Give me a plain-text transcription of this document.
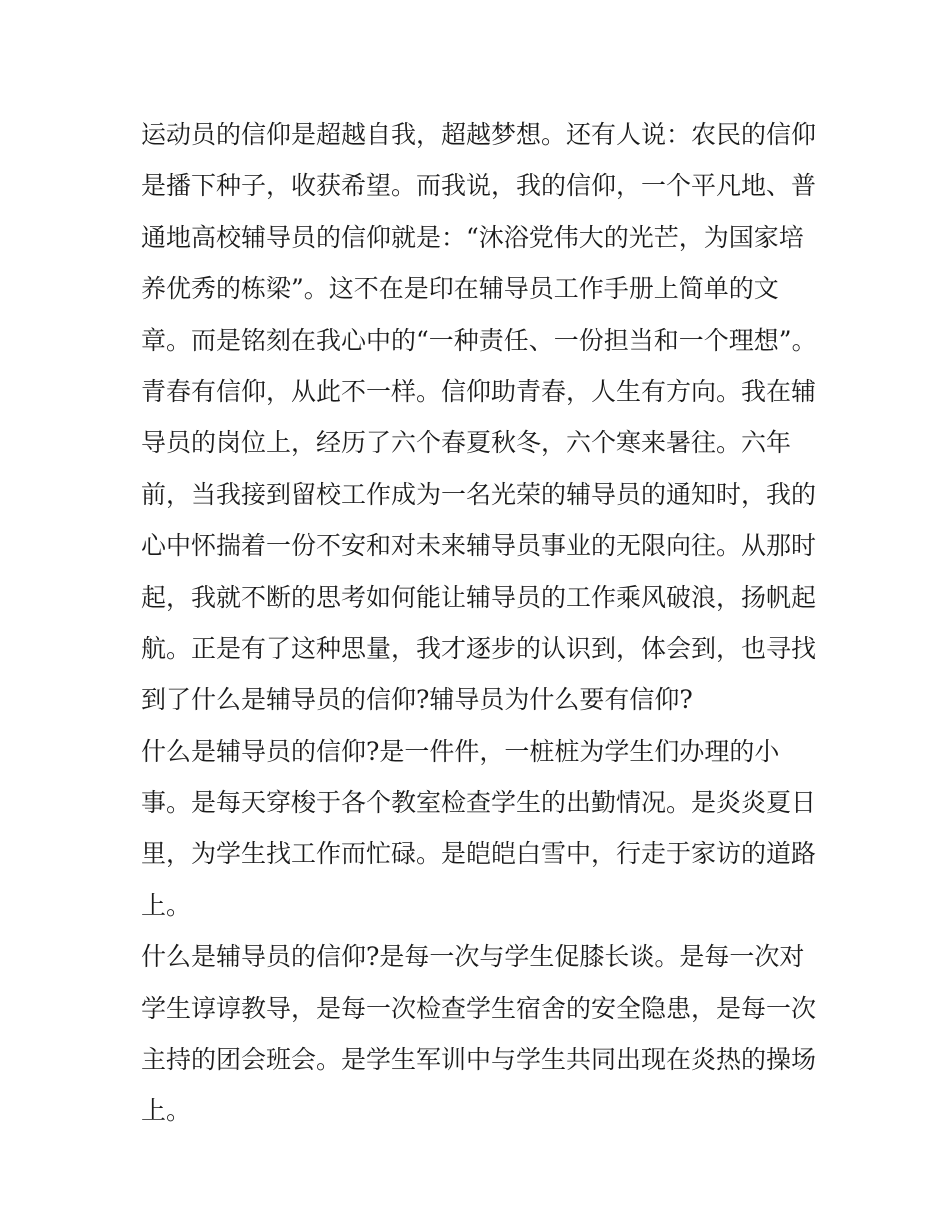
运动员的信仰是超越自我，超越梦想。还有人说：农民的信仰
是播下种子，收获希望。而我说，我的信仰，一个平凡地、普
通地高校辅导员的信仰就是：“沐浴党伟大的光芒，为国家培
养优秀的栋梁”。这不在是印在辅导员工作手册上简单的文
章。而是铭刻在我心中的“一种责任、一份担当和一个理想”。
青春有信仰，从此不一样。信仰助青春，人生有方向。我在辅
导员的岗位上，经历了六个春夏秋冬，六个寒来暑往。六年
前，当我接到留校工作成为一名光荣的辅导员的通知时，我的
心中怀揣着一份不安和对未来辅导员事业的无限向往。从那时
起，我就不断的思考如何能让辅导员的工作乘风破浪，扬帆起
航。正是有了这种思量，我才逐步的认识到，体会到，也寻找
到了什么是辅导员的信仰?辅导员为什么要有信仰?
什么是辅导员的信仰?是一件件，一桩桩为学生们办理的小
事。是每天穿梭于各个教室检查学生的出勤情况。是炎炎夏日
里，为学生找工作而忙碌。是皑皑白雪中，行走于家访的道路
上。
什么是辅导员的信仰?是每一次与学生促膝长谈。是每一次对
学生谆谆教导，是每一次检查学生宿舍的安全隐患，是每一次
主持的团会班会。是学生军训中与学生共同出现在炎热的操场
上。
